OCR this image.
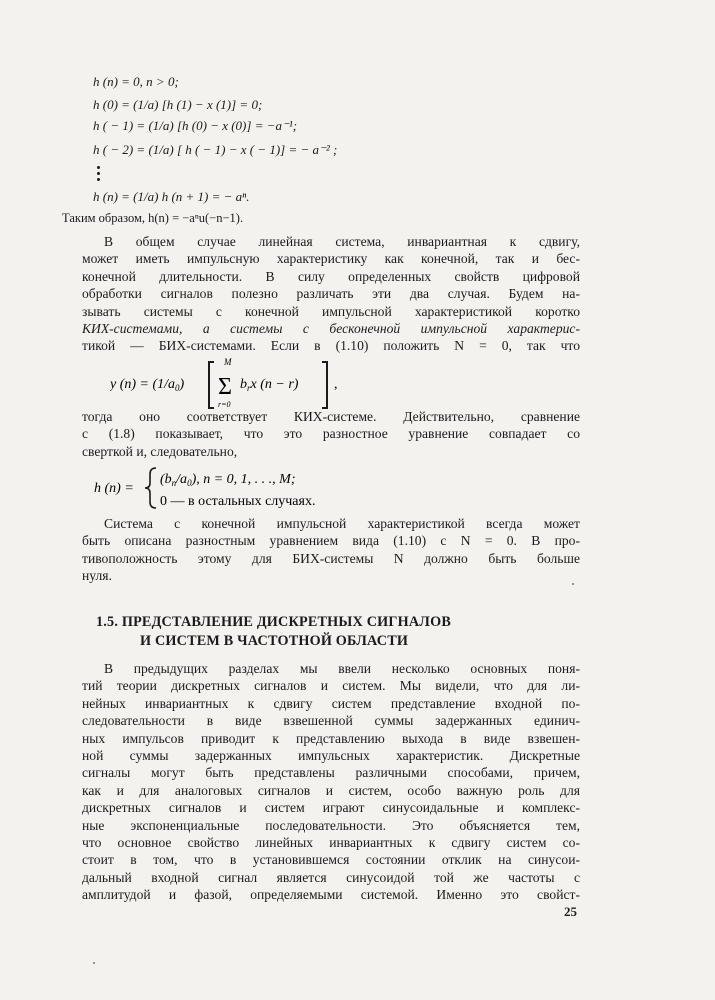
h (n) = 0, n > 0;
h (0) = (1/a) [h (1) − x (1)] = 0;
h ( − 1) = (1/a) [h (0) − x (0)] = −a⁻¹;
h ( − 2) = (1/a) [ h ( − 1) − x ( − 1)] = − a⁻² ;
h (n) = (1/a) h (n + 1) = − aⁿ.
Таким образом, h(n) = −aⁿu(−n−1).
В общем случае линейная система, инвариантная к сдвигу,
может иметь импульсную характеристику как конечной, так и бес-
конечной длительности. В силу определенных свойств цифровой
обработки сигналов полезно различать эти два случая. Будем на-
зывать системы с конечной импульсной характеристикой коротко
КИХ-системами, а системы с бесконечной импульсной характерис-
тикой — БИХ-системами. Если в (1.10) положить N = 0, так что
y $(n) = (1/a_0)$
M
Σ
r=0
$b_rx$ (n − r)	,
тогда оно соответствует КИХ-системе. Действительно, сравнение
с (1.8) показывает, что это разностное уравнение совпадает со
сверткой и, следовательно,
h (n) =
$(b_n/a_0)$, n = 0, 1, . . ., M;
0 — в остальных случаях.
Система с конечной импульсной характеристикой всегда может
быть описана разностным уравнением вида (1.10) с N = 0. В про-
тивоположность этому для БИХ-системы N должно быть больше
нуля.
1.5. ПРЕДСТАВЛЕНИЕ ДИСКРЕТНЫХ СИГНАЛОВ
И СИСТЕМ В ЧАСТОТНОЙ ОБЛАСТИ
В предыдущих разделах мы ввели несколько основных поня-
тий теории дискретных сигналов и систем. Мы видели, что для ли-
нейных инвариантных к сдвигу систем представление входной по-
следовательности в виде взвешенной суммы задержанных единич-
ных импульсов приводит к представлению выхода в виде взвешен-
ной суммы задержанных импульсных характеристик. Дискретные
сигналы могут быть представлены различными способами, причем,
как и для аналоговых сигналов и систем, особо важную роль для
дискретных сигналов и систем играют синусоидальные и комплекс-
ные экспоненциальные последовательности. Это объясняется тем,
что основное свойство линейных инвариантных к сдвигу систем со-
стоит в том, что в установившемся состоянии отклик на синусои-
дальный входной сигнал является синусоидой той же частоты с
амплитудой и фазой, определяемыми системой. Именно это свойст-
25
